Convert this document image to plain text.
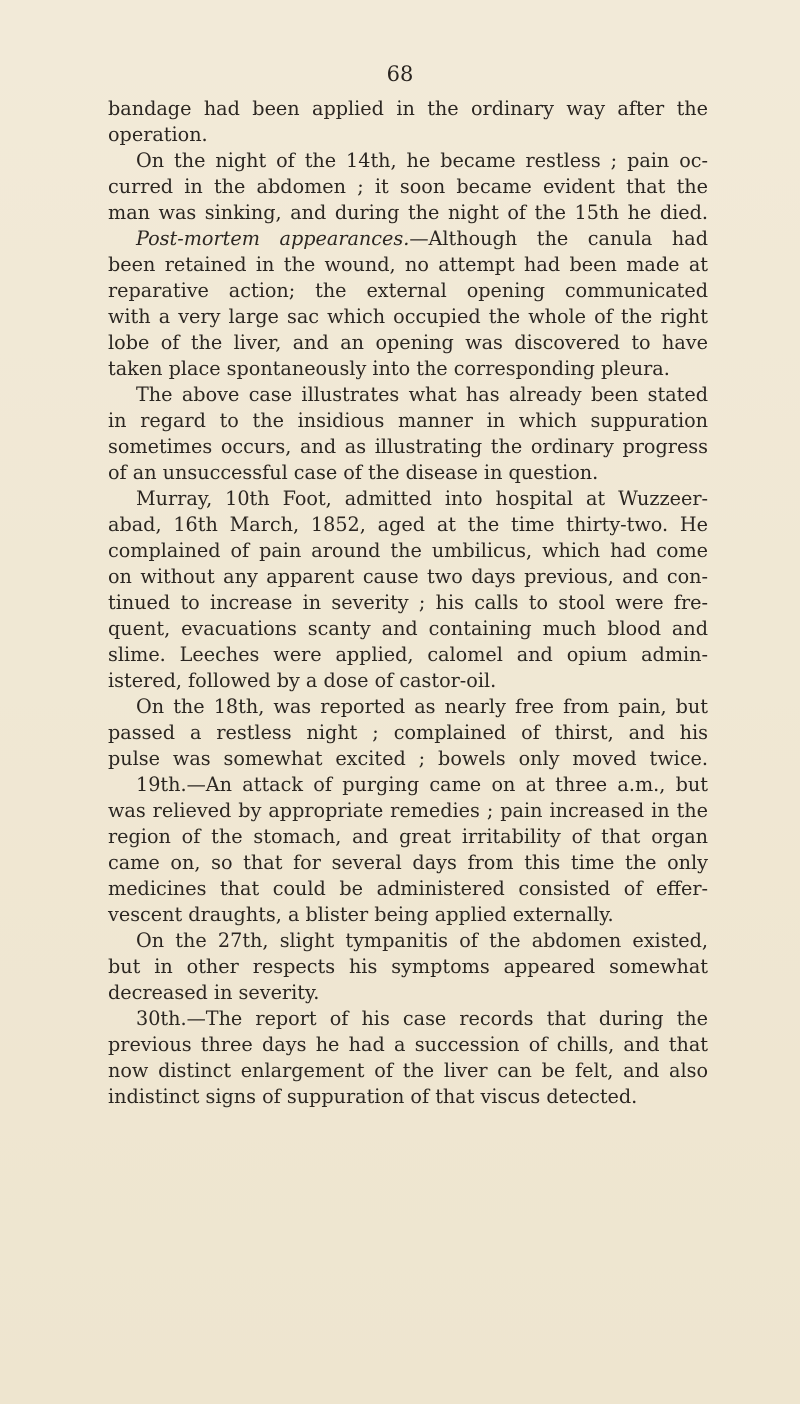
68
bandage had been applied in the ordinary way after the
operation.
On the night of the 14th, he became restless ; pain oc-
curred in the abdomen ; it soon became evident that the
man was sinking, and during the night of the 15th he died.
Post-mortem appearances.—Although the canula had
been retained in the wound, no attempt had been made at
reparative action; the external opening communicated
with a very large sac which occupied the whole of the right
lobe of the liver, and an opening was discovered to have
taken place spontaneously into the corresponding pleura.
The above case illustrates what has already been stated
in regard to the insidious manner in which suppuration
sometimes occurs, and as illustrating the ordinary progress
of an unsuccessful case of the disease in question.
Murray, 10th Foot, admitted into hospital at Wuzzeer-
abad, 16th March, 1852, aged at the time thirty-two. He
complained of pain around the umbilicus, which had come
on without any apparent cause two days previous, and con-
tinued to increase in severity ; his calls to stool were fre-
quent, evacuations scanty and containing much blood and
slime. Leeches were applied, calomel and opium admin-
istered, followed by a dose of castor-oil.
On the 18th, was reported as nearly free from pain, but
passed a restless night ; complained of thirst, and his
pulse was somewhat excited ; bowels only moved twice.
19th.—An attack of purging came on at three a.m., but
was relieved by appropriate remedies ; pain increased in the
region of the stomach, and great irritability of that organ
came on, so that for several days from this time the only
medicines that could be administered consisted of effer-
vescent draughts, a blister being applied externally.
On the 27th, slight tympanitis of the abdomen existed,
but in other respects his symptoms appeared somewhat
decreased in severity.
30th.—The report of his case records that during the
previous three days he had a succession of chills, and that
now distinct enlargement of the liver can be felt, and also
indistinct signs of suppuration of that viscus detected.
